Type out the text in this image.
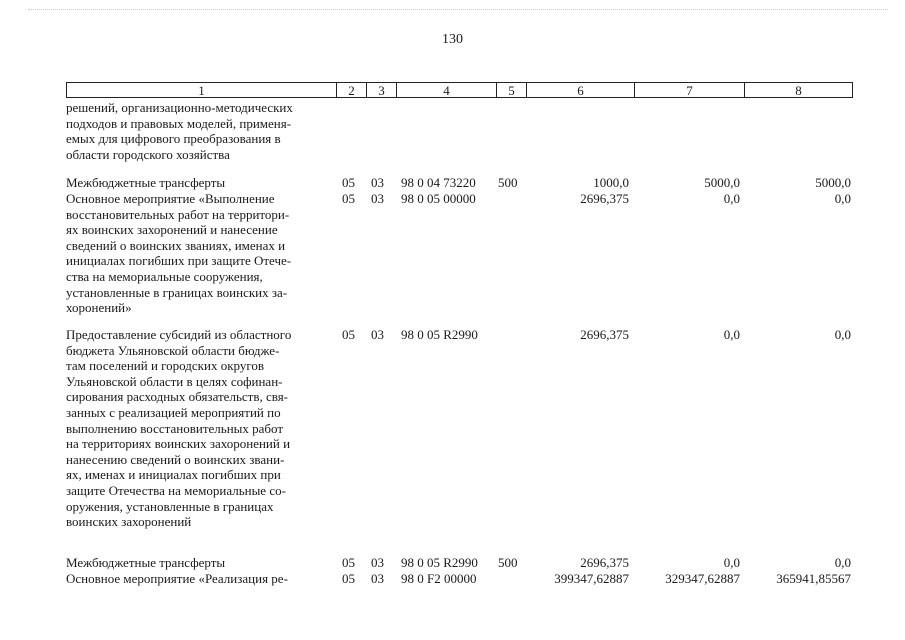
130
1	2	3	4	5	6	7	8
решений, организационно-методических
подходов и правовых моделей, применя-
емых для цифрового преобразования в
области городского хозяйства
Межбюджетные трансферты	05 03 98 0 04 73220 500	1000,0	5000,0	5000,0
Основное мероприятие «Выполнение
восстановительных работ на территори-
ях воинских захоронений и нанесение
сведений о воинских званиях, именах и
инициалах погибших при защите Отече-
ства на мемориальные сооружения,
установленные в границах воинских за-
хоронений»
05 03 98 0 05 00000	2696,375	0,0	0,0
Предоставление субсидий из областного
бюджета Ульяновской области бюдже-
там поселений и городских округов
Ульяновской области в целях софинан-
сирования расходных обязательств, свя-
занных с реализацией мероприятий по
выполнению восстановительных работ
на территориях воинских захоронений и
нанесению сведений о воинских звани-
ях, именах и инициалах погибших при
защите Отечества на мемориальные со-
оружения, установленные в границах
воинских захоронений
05 03 98 0 05 R2990	2696,375	0,0	0,0
Межбюджетные трансферты	05 03 98 0 05 R2990 500	2696,375	0,0	0,0
Основное мероприятие «Реализация ре-	05 03 98 0 F2 00000	399347,62887	329347,62887	365941,85567
